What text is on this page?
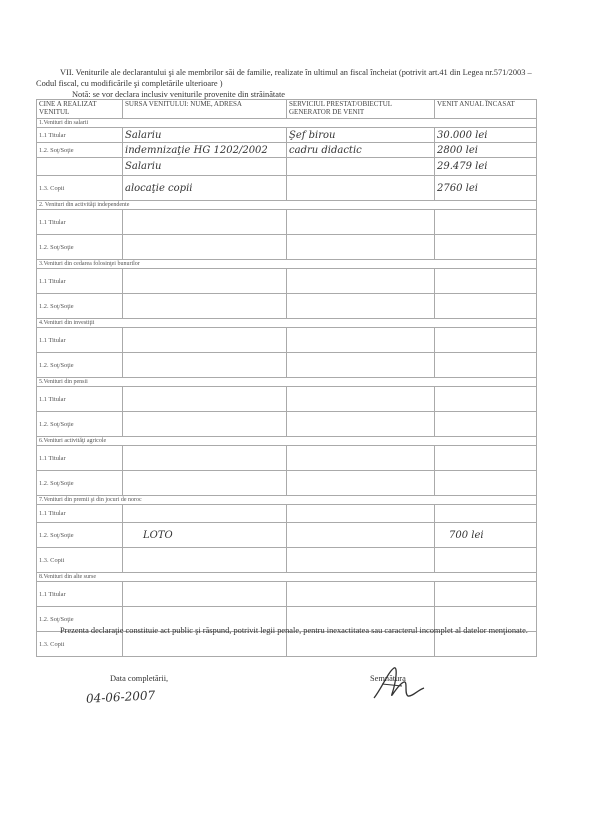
VII. Veniturile ale declarantului şi ale membrilor săi de familie, realizate în ultimul an fiscal încheiat (potrivit art.41 din Legea nr.571/2003 – Codul fiscal, cu modificările şi completările ulterioare )

Notă: se vor declara inclusiv veniturile provenite din străinătate

CINE A REALIZAT VENITUL	SURSA VENITULUI: NUME, ADRESA	SERVICIUL PRESTAT/OBIECTUL GENERATOR DE VENIT	VENIT ANUAL ÎNCASAT
1.Venituri din salarii			
1.1 Titular	Salariu	Şef birou	30.000 lei
1.2. Soţ/Soţie	indemnizaţie HG 1202/2002	cadru didactic	2800 lei
	Salariu		29.479 lei
1.3. Copii	alocaţie copii		2760 lei
2. Venituri din activităţi independente			
1.1 Titular			
1.2. Soţ/Soţie			
3.Venituri din cedarea folosinţei bunurilor			
1.1 Titular			
1.2. Soţ/Soţie			
4.Venituri din investiţii			
1.1 Titular			
1.2. Soţ/Soţie			
5.Venituri din pensii			
1.1 Titular			
1.2. Soţ/Soţie			
6.Venituri activităţi agricole			
1.1 Titular			
1.2. Soţ/Soţie			
7.Venituri din premii şi din jocuri de noroc			
1.1 Titular			
1.2. Soţ/Soţie	LOTO		700 lei
1.3. Copii			
8.Venituri din alte surse			
1.1 Titular			
1.2. Soţ/Soţie			
1.3. Copii			

Prezenta declaraţie constituie act public şi răspund, potrivit legii penale, pentru inexactitatea sau caracterul incomplet al datelor menţionate.

Data completării,
04-06-2007
Semnătura
